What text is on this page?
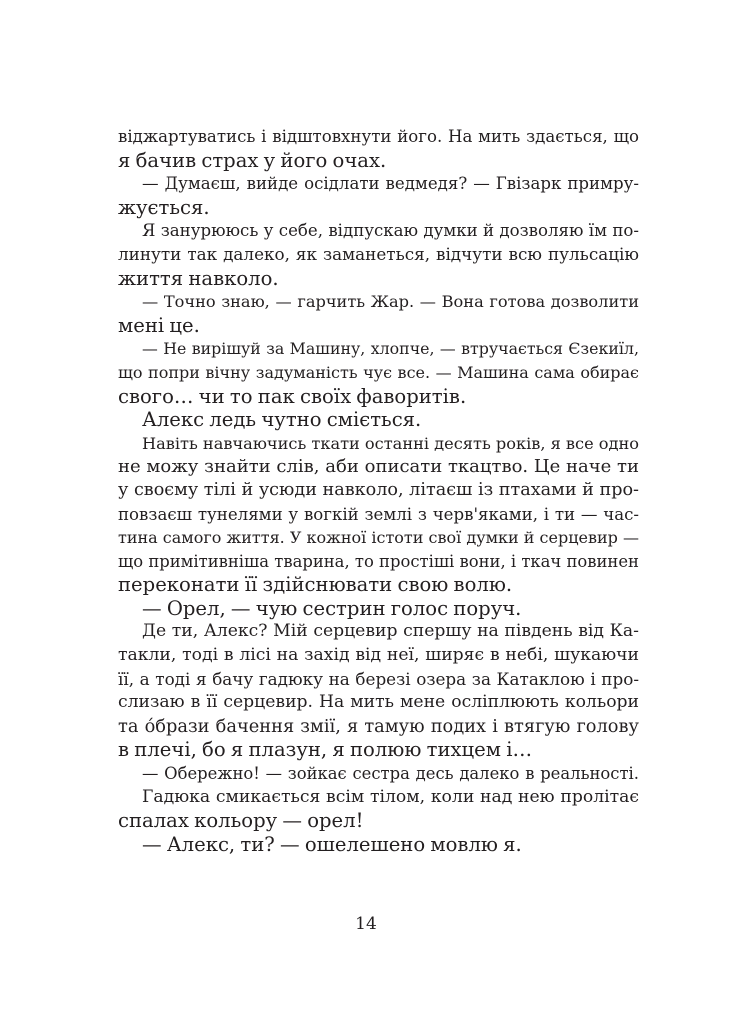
віджартуватись і відштовхнути його. На мить здається, що
я бачив страх у його очах.
— Думаєш, вийде осідлати ведмедя? — Гвізарк примру-
жується.
Я занурююсь у себе, відпускаю думки й дозволяю їм по-
линути так далеко, як заманеться, відчути всю пульсацію
життя навколо.
— Точно знаю, — гарчить Жар. — Вона готова дозволити
мені це.
— Не вирішуй за Машину, хлопче, — втручається Єзекиїл,
що попри вічну задуманість чує все. — Машина сама обирає
свого… чи то пак своїх фаворитів.
Алекс ледь чутно сміється.
Навіть навчаючись ткати останні десять років, я все одно
не можу знайти слів, аби описати ткацтво. Це наче ти
у своєму тілі й усюди навколо, літаєш із птахами й про-
повзаєш тунелями у вогкій землі з черв'яками, і ти — час-
тина самого життя. У кожної істоти свої думки й серцевир —
що примітивніша тварина, то простіші вони, і ткач повинен
переконати її здійснювати свою волю.
— Орел, — чую сестрин голос поруч.
Де ти, Алекс? Мій серцевир спершу на південь від Ка-
такли, тоді в лісі на захід від неї, ширяє в небі, шукаючи
її, а тоді я бачу гадюку на березі озера за Катаклою і про-
слизаю в її серцевир. На мить мене осліплюють кольори
та о́брази бачення змії, я тамую подих і втягую голову
в плечі, бо я плазун, я полюю тихцем і…
— Обережно! — зойкає сестра десь далеко в реальності.
Гадюка смикається всім тілом, коли над нею пролітає
спалах кольору — орел!
— Алекс, ти? — ошелешено мовлю я.
14
